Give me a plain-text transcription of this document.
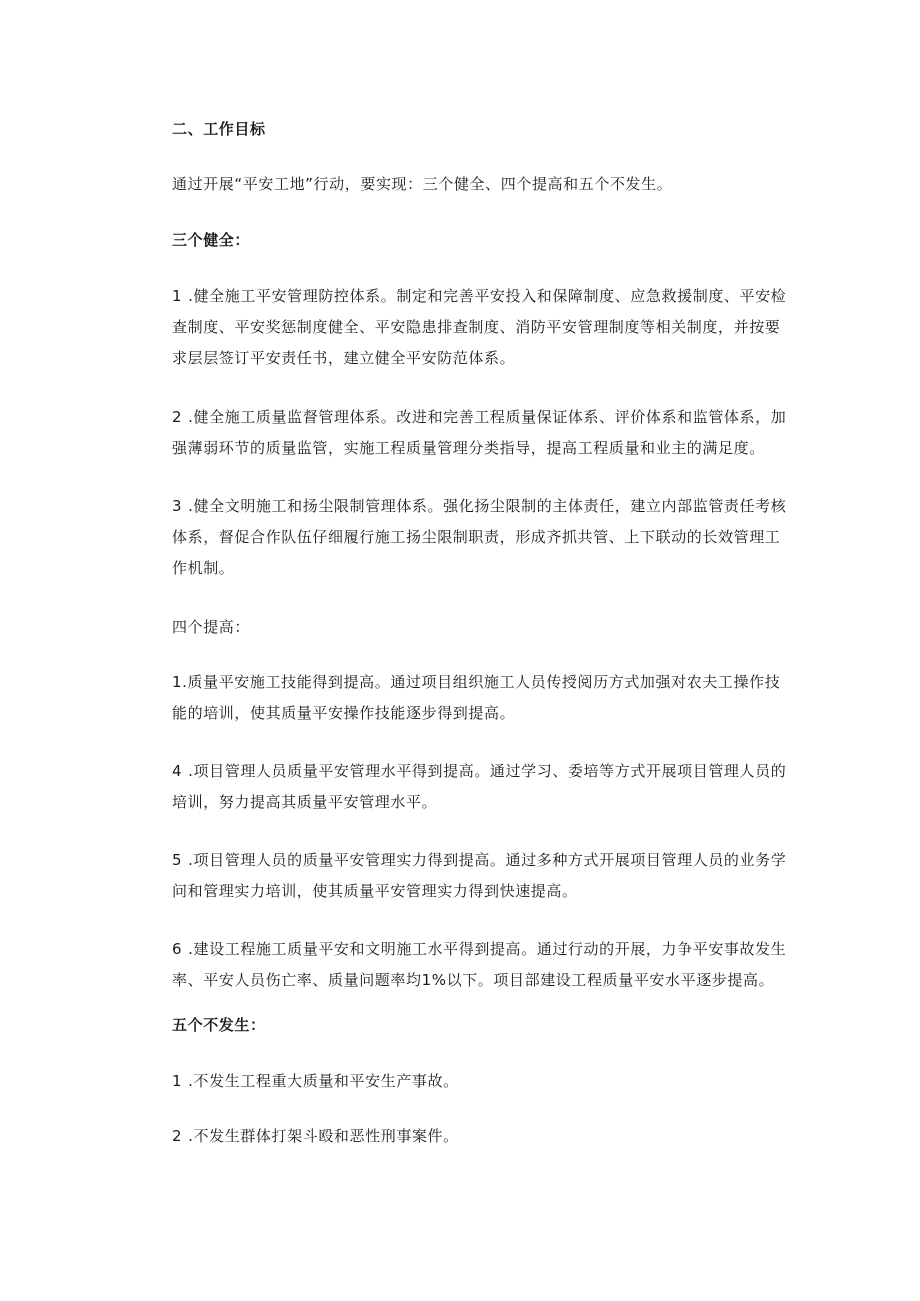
二、工作目标
通过开展“平安工地”行动，要实现：三个健全、四个提高和五个不发生。
三个健全：
1 .健全施工平安管理防控体系。制定和完善平安投入和保障制度、应急救援制度、平安检查制度、平安奖惩制度健全、平安隐患排查制度、消防平安管理制度等相关制度，并按要求层层签订平安责任书，建立健全平安防范体系。
2 .健全施工质量监督管理体系。改进和完善工程质量保证体系、评价体系和监管体系，加强薄弱环节的质量监管，实施工程质量管理分类指导，提高工程质量和业主的满足度。
3 .健全文明施工和扬尘限制管理体系。强化扬尘限制的主体责任，建立内部监管责任考核体系，督促合作队伍仔细履行施工扬尘限制职责，形成齐抓共管、上下联动的长效管理工作机制。
四个提高：
1.质量平安施工技能得到提高。通过项目组织施工人员传授阅历方式加强对农夫工操作技能的培训，使其质量平安操作技能逐步得到提高。
4 .项目管理人员质量平安管理水平得到提高。通过学习、委培等方式开展项目管理人员的培训，努力提高其质量平安管理水平。
5 .项目管理人员的质量平安管理实力得到提高。通过多种方式开展项目管理人员的业务学问和管理实力培训，使其质量平安管理实力得到快速提高。
6 .建设工程施工质量平安和文明施工水平得到提高。通过行动的开展，力争平安事故发生率、平安人员伤亡率、质量问题率均1%以下。项目部建设工程质量平安水平逐步提高。
五个不发生：
1 .不发生工程重大质量和平安生产事故。
2 .不发生群体打架斗殴和恶性刑事案件。
